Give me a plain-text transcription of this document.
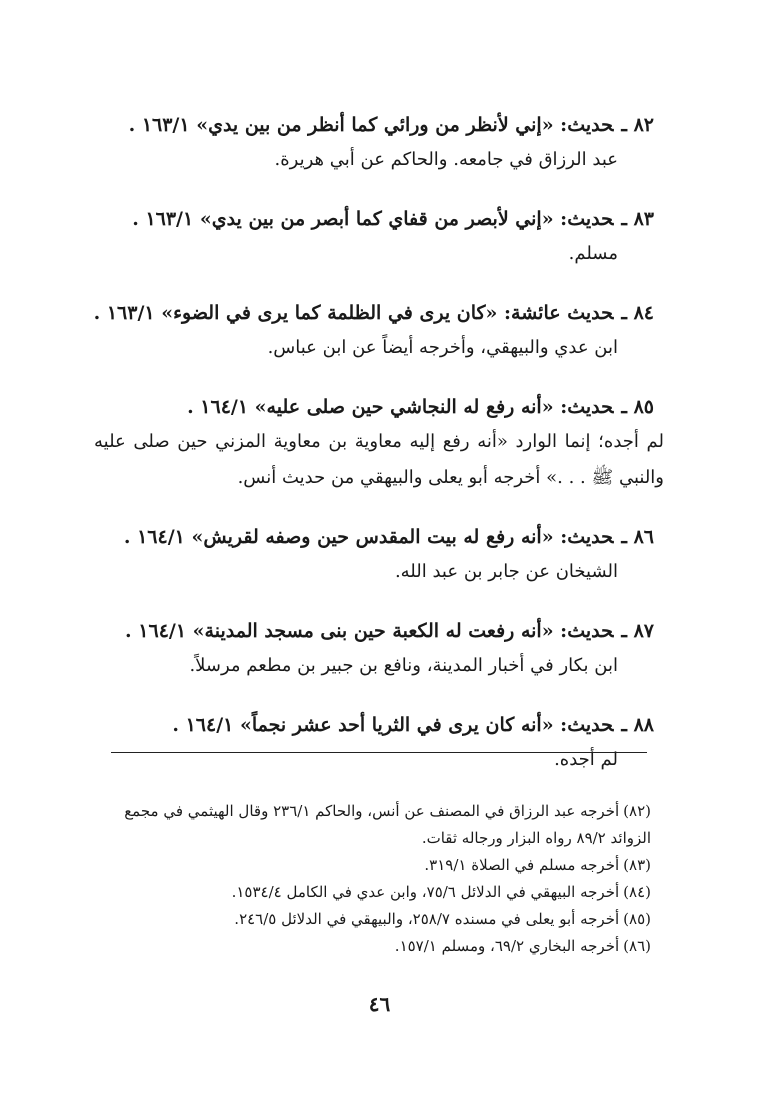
٨٢ ـحديث: «إني لأنظر من ورائي كما أنظر من بين يدي» ١٦٣/١ .
عبد الرزاق في جامعه. والحاكم عن أبي هريرة.
٨٣ ـحديث: «إني لأبصر من قفاي كما أبصر من بين يدي» ١٦٣/١ .
مسلم.
٨٤ ـحديث عائشة: «كان يرى في الظلمة كما يرى في الضوء» ١٦٣/١ .
ابن عدي والبيهقي، وأخرجه أيضاً عن ابن عباس.
٨٥ ـحديث: «أنه رفع له النجاشي حين صلى عليه» ١٦٤/١ .
لم أجده؛ إنما الوارد «أنه رفع إليه معاوية بن معاوية المزني حين صلى عليه والنبي ﷺ . . .» أخرجه أبو يعلى والبيهقي من حديث أنس.
٨٦ ـحديث: «أنه رفع له بيت المقدس حين وصفه لقريش» ١٦٤/١ .
الشيخان عن جابر بن عبد الله.
٨٧ ـحديث: «أنه رفعت له الكعبة حين بنى مسجد المدينة» ١٦٤/١ .
ابن بكار في أخبار المدينة، ونافع بن جبير بن مطعم مرسلاً.
٨٨ ـحديث: «أنه كان يرى في الثريا أحد عشر نجماً» ١٦٤/١ .
لم أجده.

(٨٢)أخرجه عبد الرزاق في المصنف عن أنس، والحاكم ٢٣٦/١ وقال الهيثمي في مجمع الزوائد ٨٩/٢ رواه البزار ورجاله ثقات.

(٨٣)أخرجه مسلم في الصلاة ٣١٩/١.

(٨٤)أخرجه البيهقي في الدلائل ٧٥/٦، وابن عدي في الكامل ١٥٣٤/٤.

(٨٥)أخرجه أبو يعلى في مسنده ٢٥٨/٧، والبيهقي في الدلائل ٢٤٦/٥.

(٨٦)أخرجه البخاري ٦٩/٢، ومسلم ١٥٧/١.

٤٦
